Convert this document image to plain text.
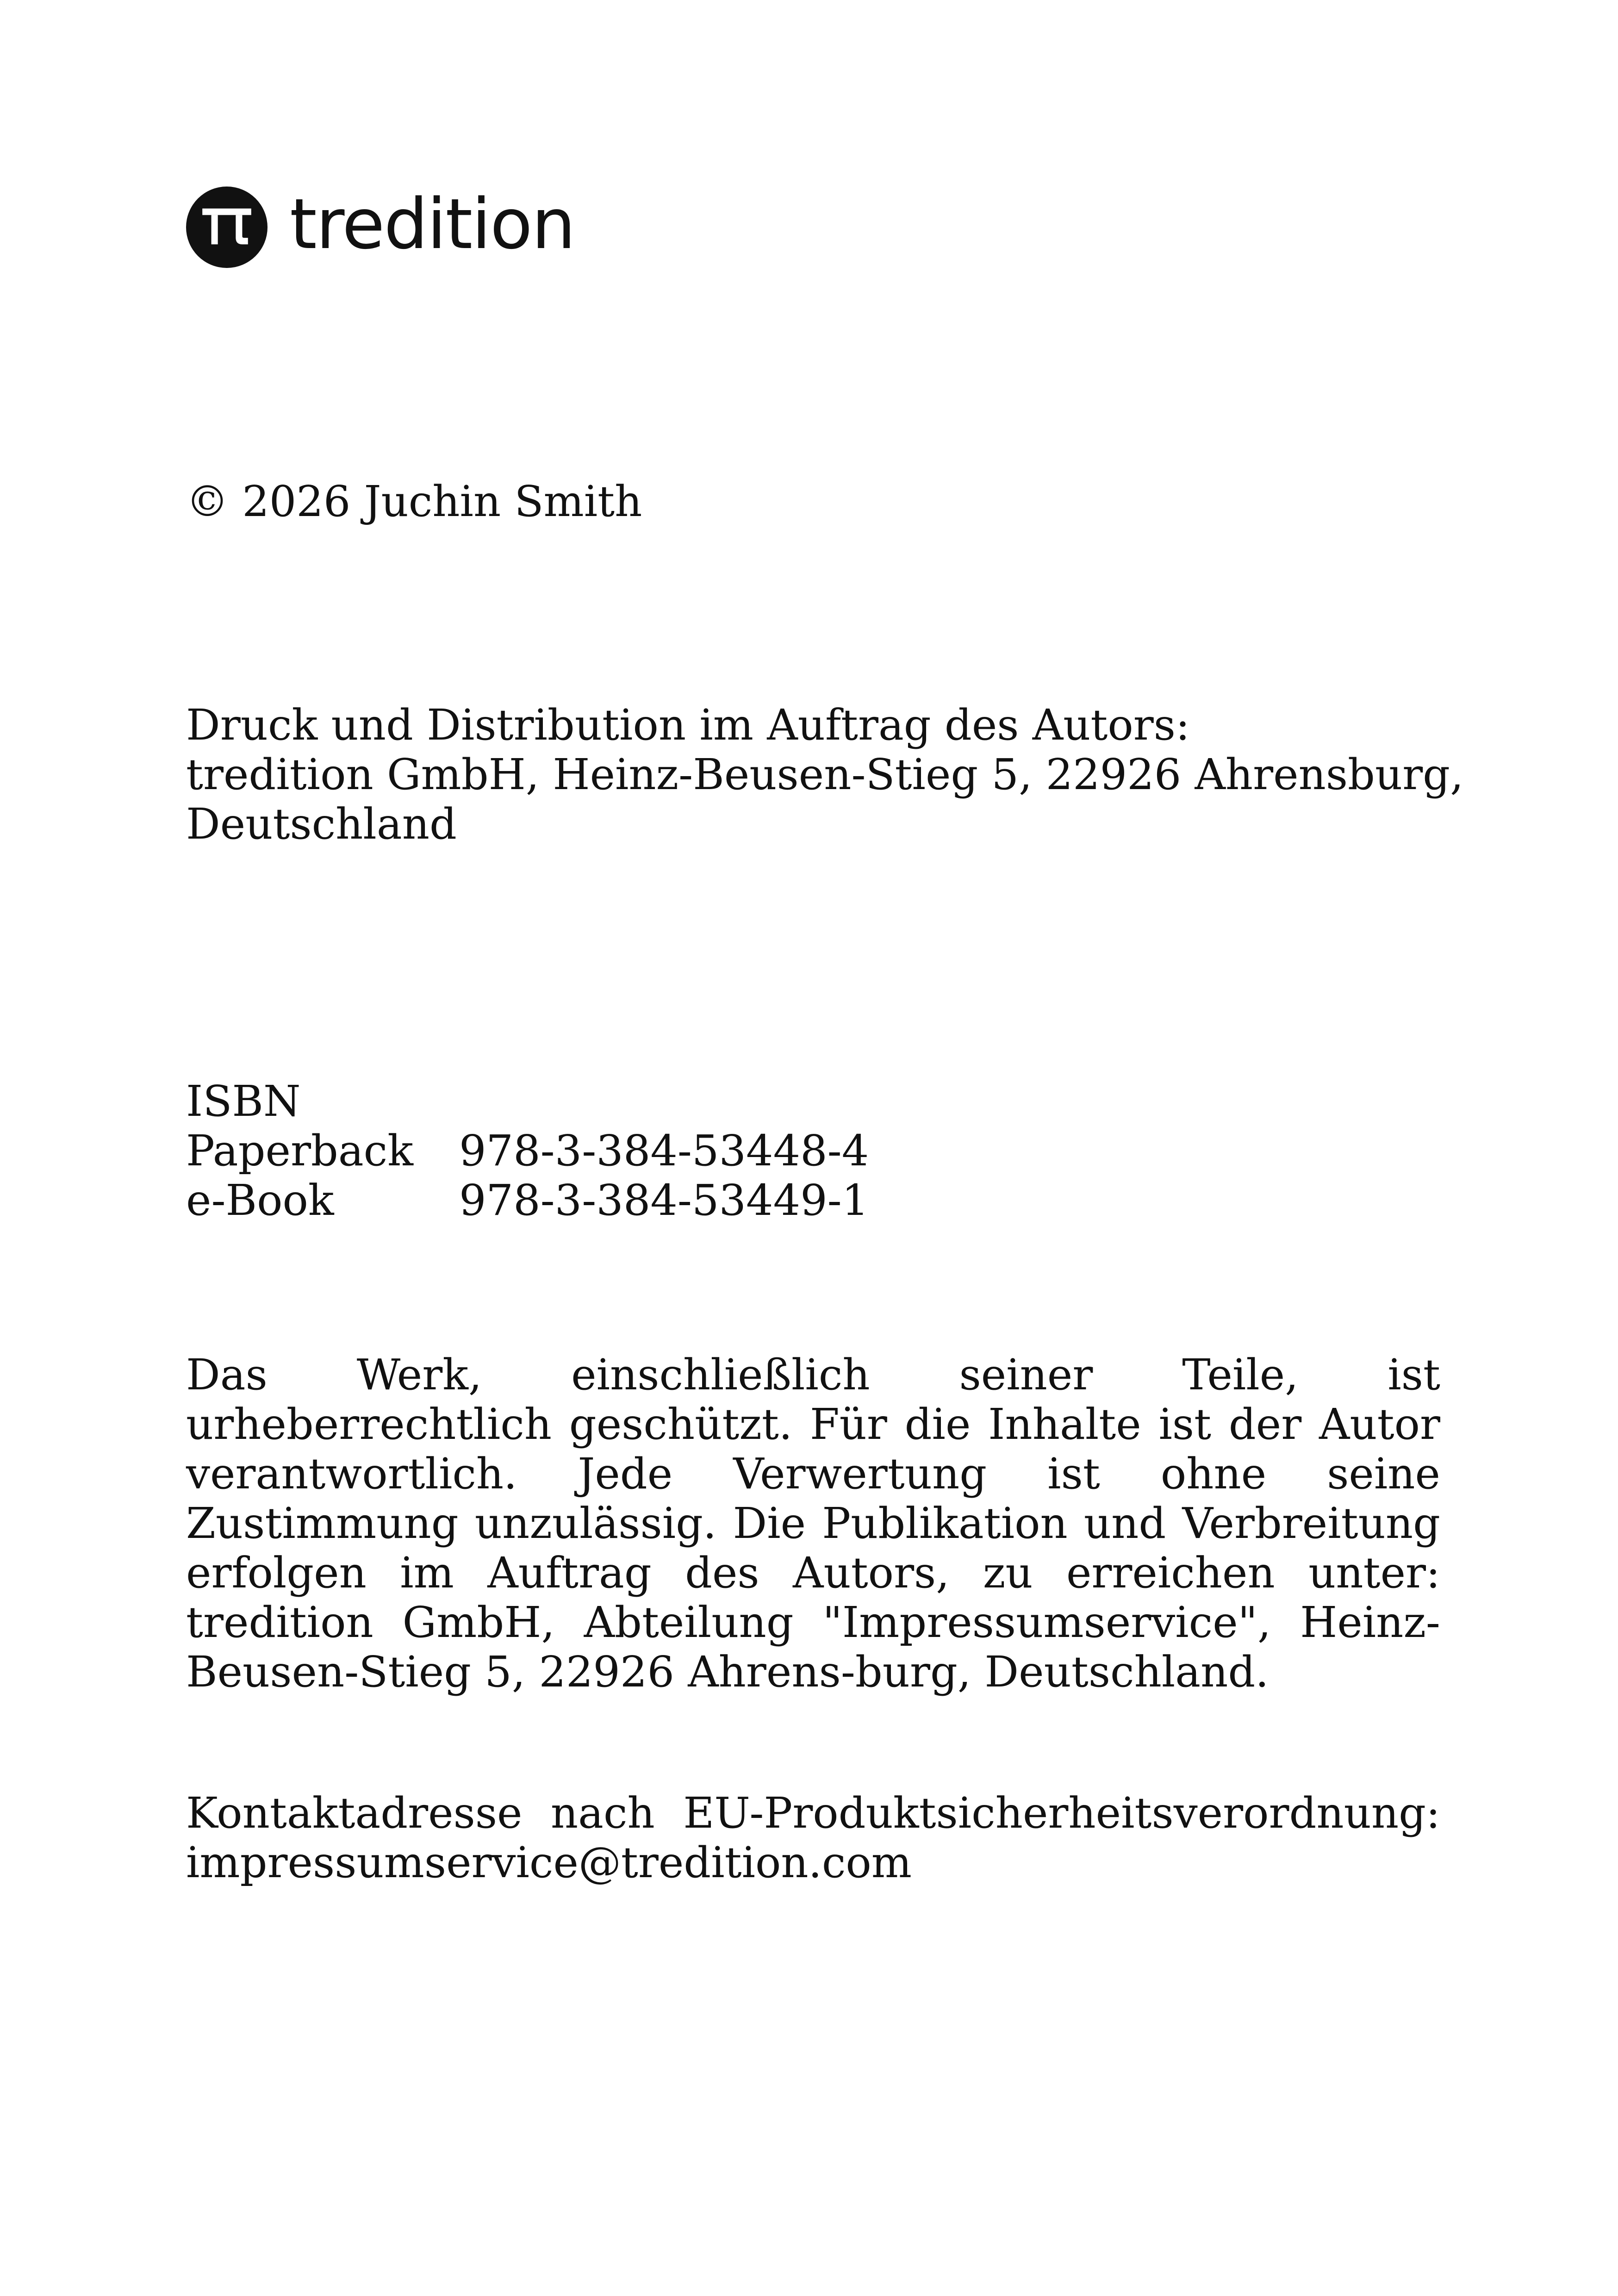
tredition

© 2026 Juchin Smith

Druck und Distribution im Auftrag des Autors:
tredition GmbH, Heinz-Beusen-Stieg 5, 22926 Ahrensburg,
Deutschland
ISBN
Paperback	978-3-384-53448-4
e-Book	978-3-384-53449-1

Das Werk, einschließlich seiner Teile, ist urheberrechtlich geschützt. Für die Inhalte ist der Autor verantwortlich. Jede Verwertung ist ohne seine Zustimmung unzulässig. Die Publikation und Verbreitung erfolgen im Auftrag des Autors, zu erreichen unter: tredition GmbH, Abteilung "Impressumservice", Heinz-Beusen-Stieg 5, 22926 Ahrens-burg, Deutschland.

Kontaktadresse nach EU-Produktsicherheitsverordnung: impressumservice@tredition.com
